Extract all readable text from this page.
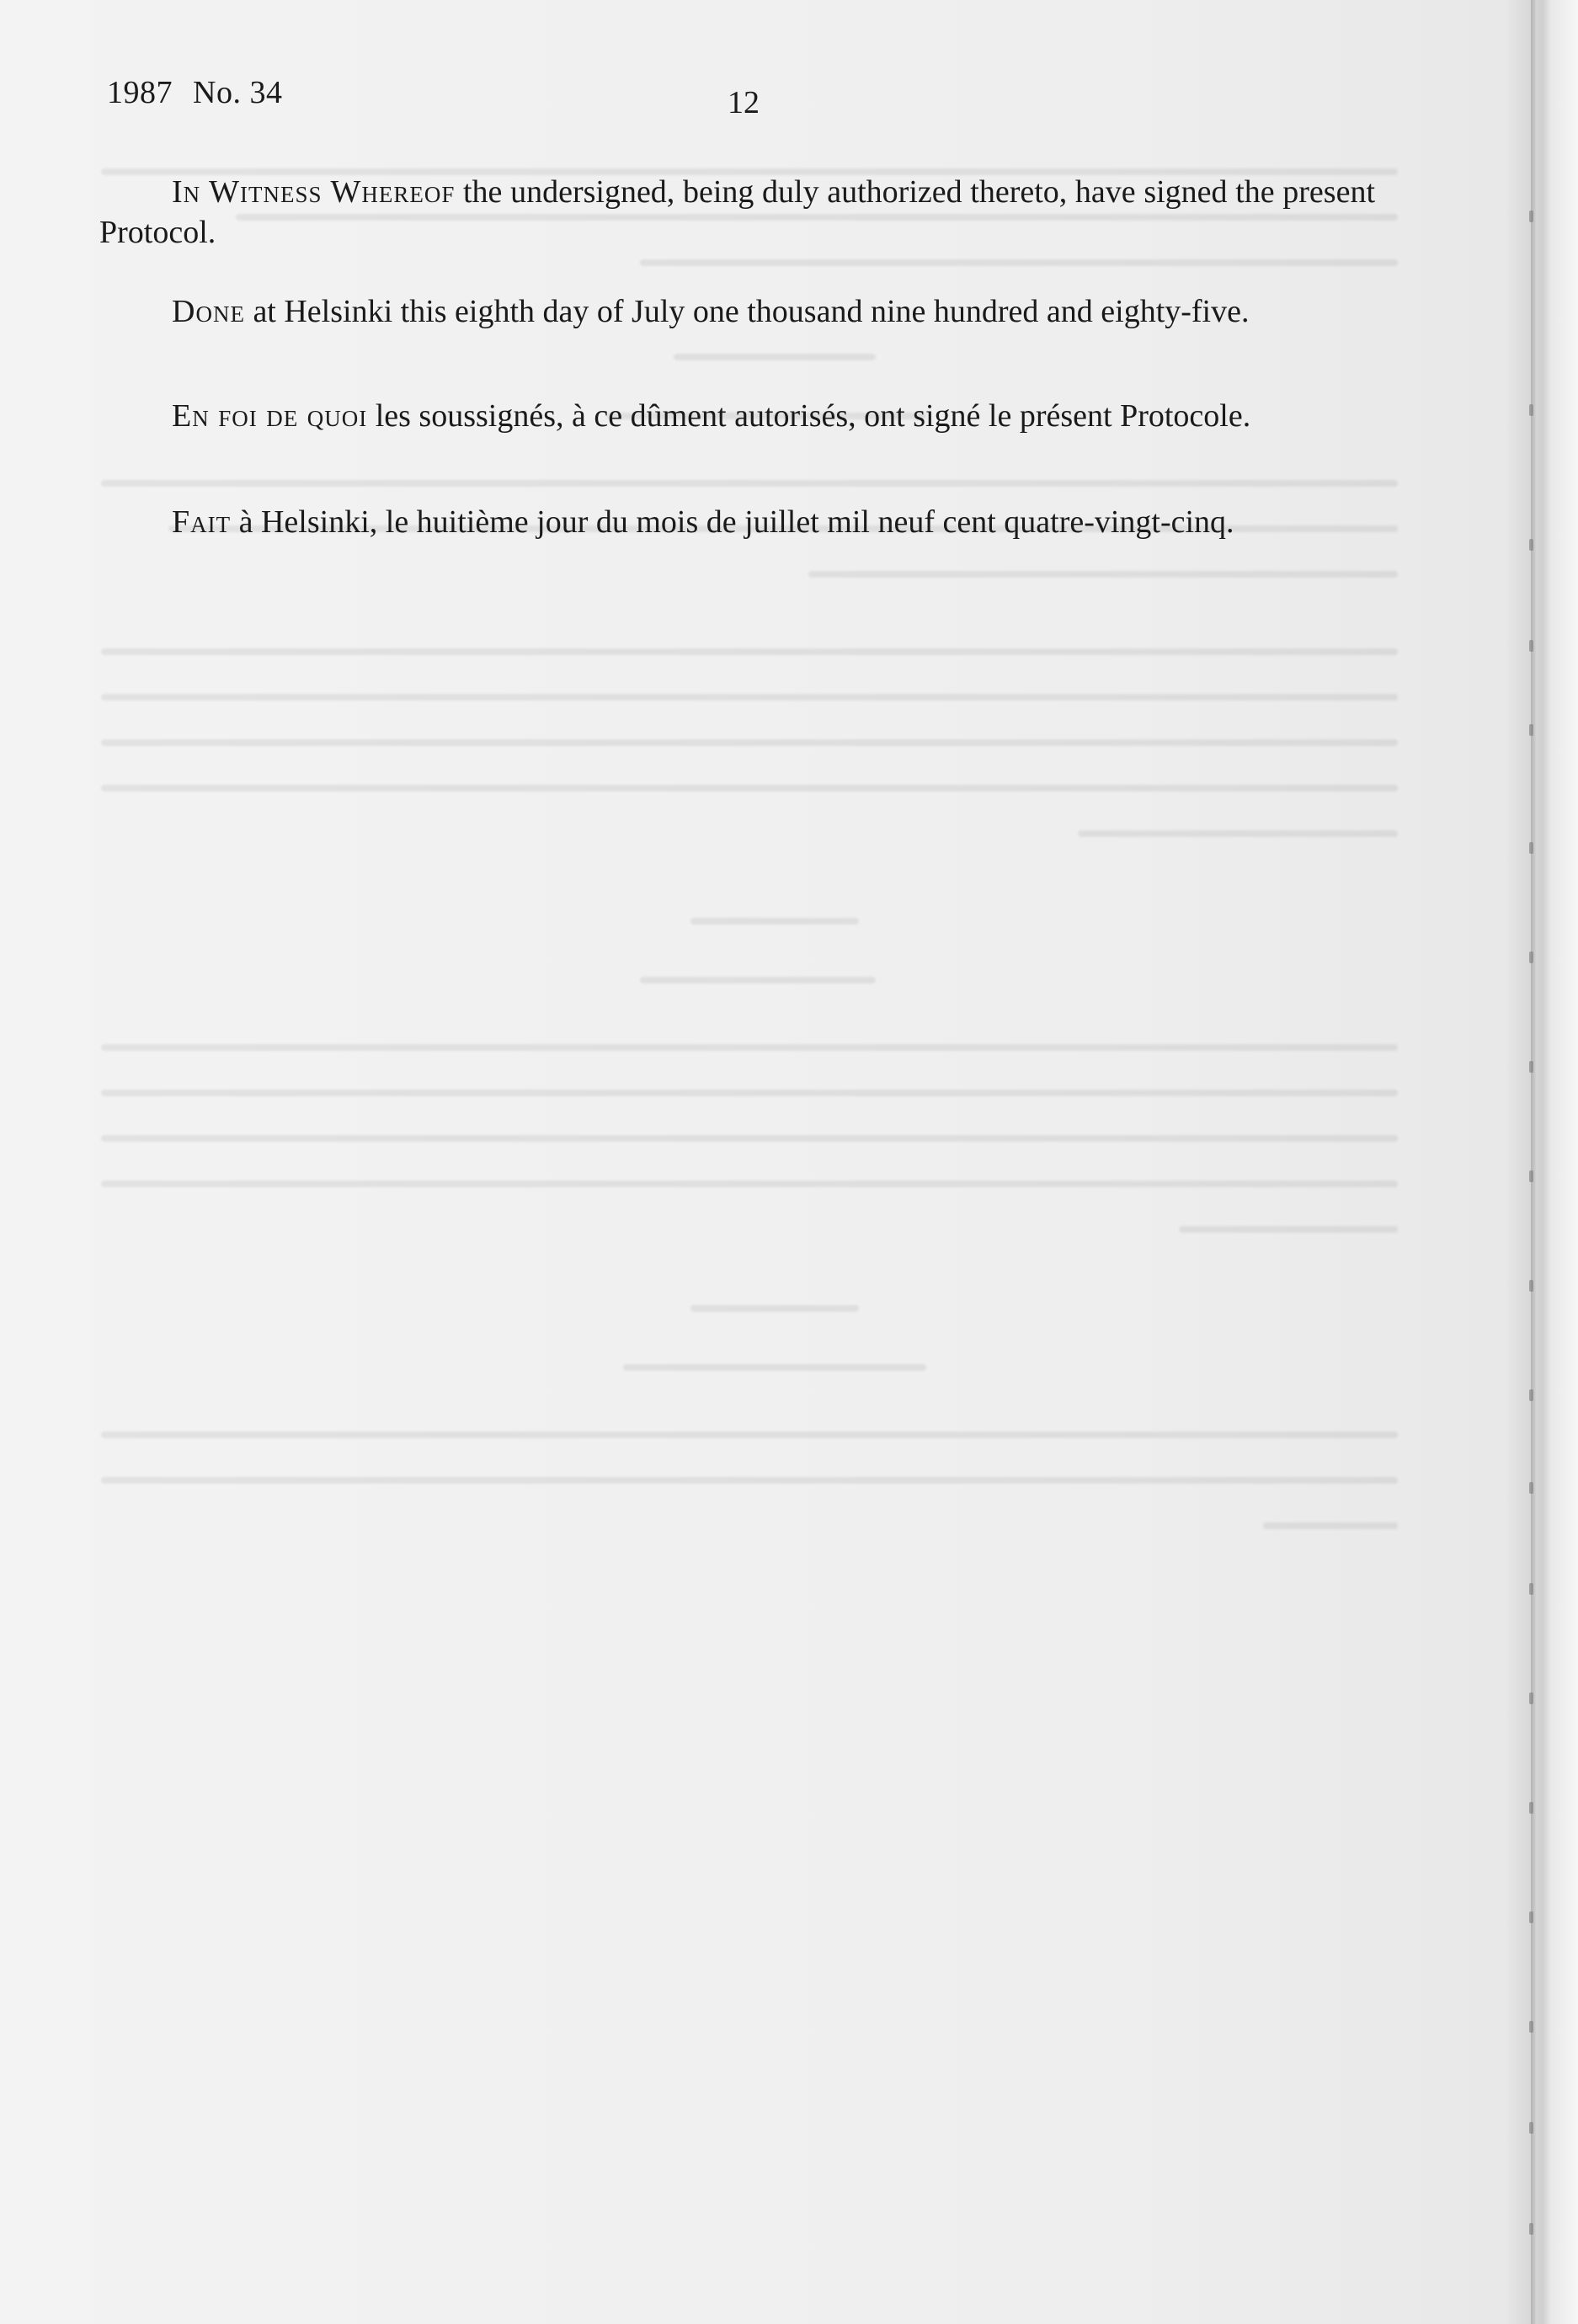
1987 No. 34	12
In Witness Whereof the undersigned, being duly authorized thereto, have signed the present Protocol.
Done at Helsinki this eighth day of July one thousand nine hundred and eighty-five.
En foi de quoi les soussignés, à ce dûment autorisés, ont signé le présent Protocole.
Fait à Helsinki, le huitième jour du mois de juillet mil neuf cent quatre-vingt-cinq.
